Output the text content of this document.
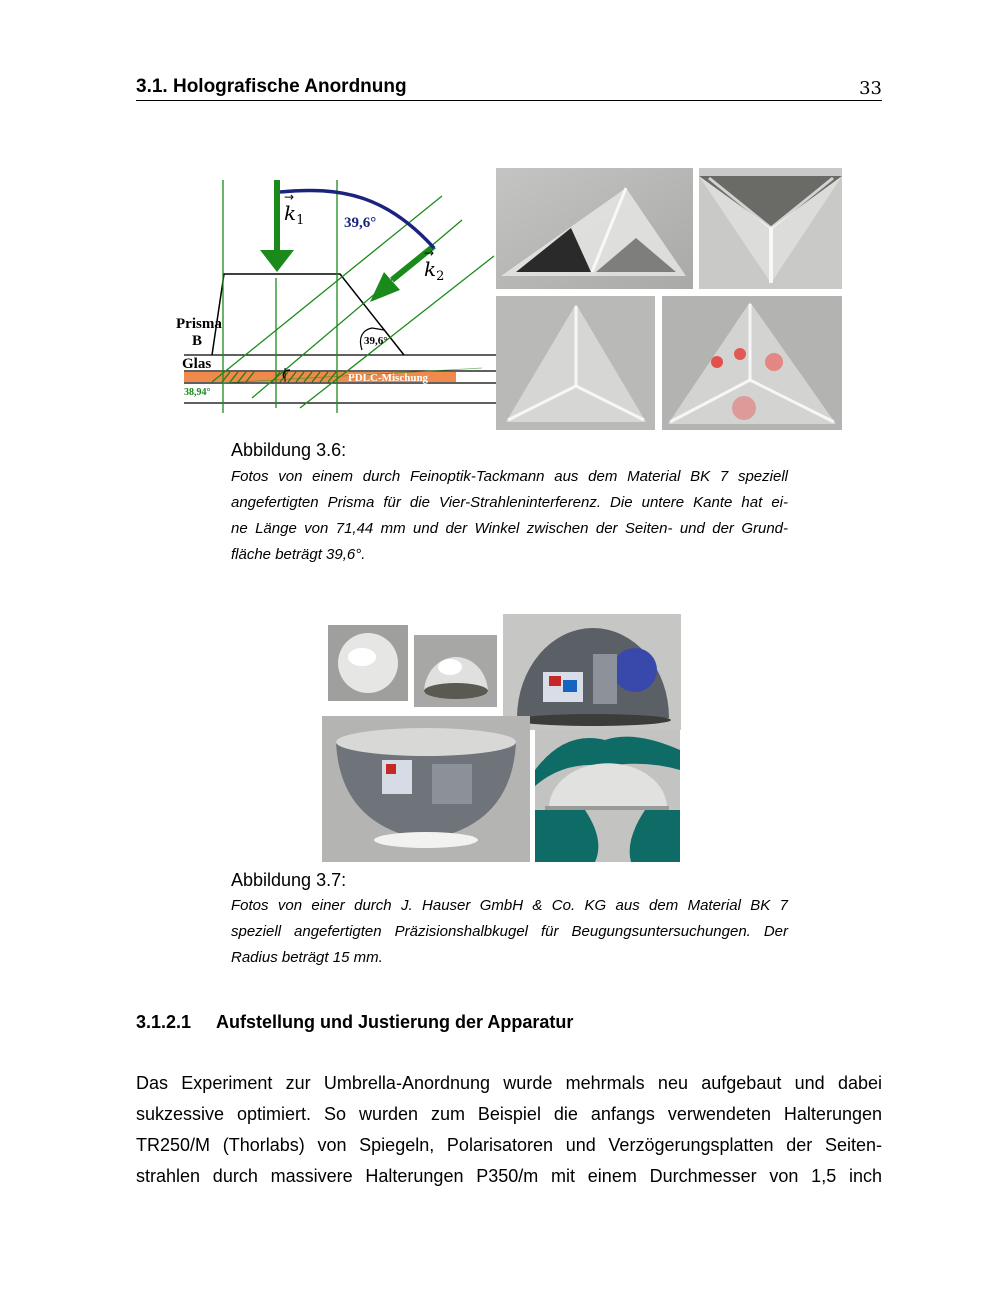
3.1. Holografische Anordnung	33
$k_1$
→
$k_2$
→
39,6°
Prisma
B
Glas
39,6°
PDLC-Mischung
38,94°
Abbildung 3.6:
Fotos von einem durch Feinoptik-Tackmann aus dem Material BK 7 speziell
angefertigten Prisma für die Vier-Strahleninterferenz. Die untere Kante hat ei-
ne Länge von 71,44 mm und der Winkel zwischen der Seiten- und der Grund-
fläche beträgt 39,6°.
Abbildung 3.7:
Fotos von einer durch J. Hauser GmbH & Co. KG aus dem Material BK 7
speziell angefertigten Präzisionshalbkugel für Beugungsuntersuchungen. Der
Radius beträgt 15 mm.
3.1.2.1 Aufstellung und Justierung der Apparatur
Das Experiment zur Umbrella-Anordnung wurde mehrmals neu aufgebaut und dabei
sukzessive optimiert. So wurden zum Beispiel die anfangs verwendeten Halterungen
TR250/M (Thorlabs) von Spiegeln, Polarisatoren und Verzögerungsplatten der Seiten-
strahlen durch massivere Halterungen P350/m mit einem Durchmesser von 1,5 inch
